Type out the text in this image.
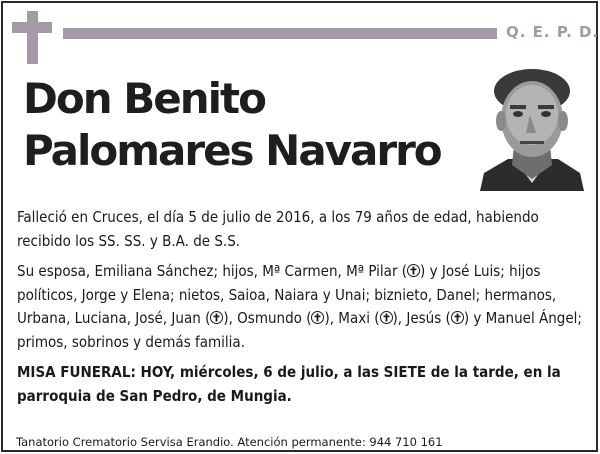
Q. E. P. D.
Don Benito
Palomares Navarro

Falleció en Cruces, el día 5 de julio de 2016, a los 79 años de edad, habiendo recibido los SS. SS. y B.A. de S.S.

Su esposa, Emiliana Sánchez; hijos, Mª Carmen, Mª Pilar ( ) y José Luis; hijos políticos, Jorge y Elena; nietos, Saioa, Naiara y Unai; biznieto, Danel; hermanos, Urbana, Luciana, José, Juan ( ), Osmundo ( ), Maxi ( ), Jesús ( ) y Manuel Ángel; primos, sobrinos y demás familia.

MISA FUNERAL: HOY, miércoles, 6 de julio, a las SIETE de la tarde, en la parroquia de San Pedro, de Mungia.

Tanatorio Crematorio Servisa Erandio. Atención permanente: 944 710 161
